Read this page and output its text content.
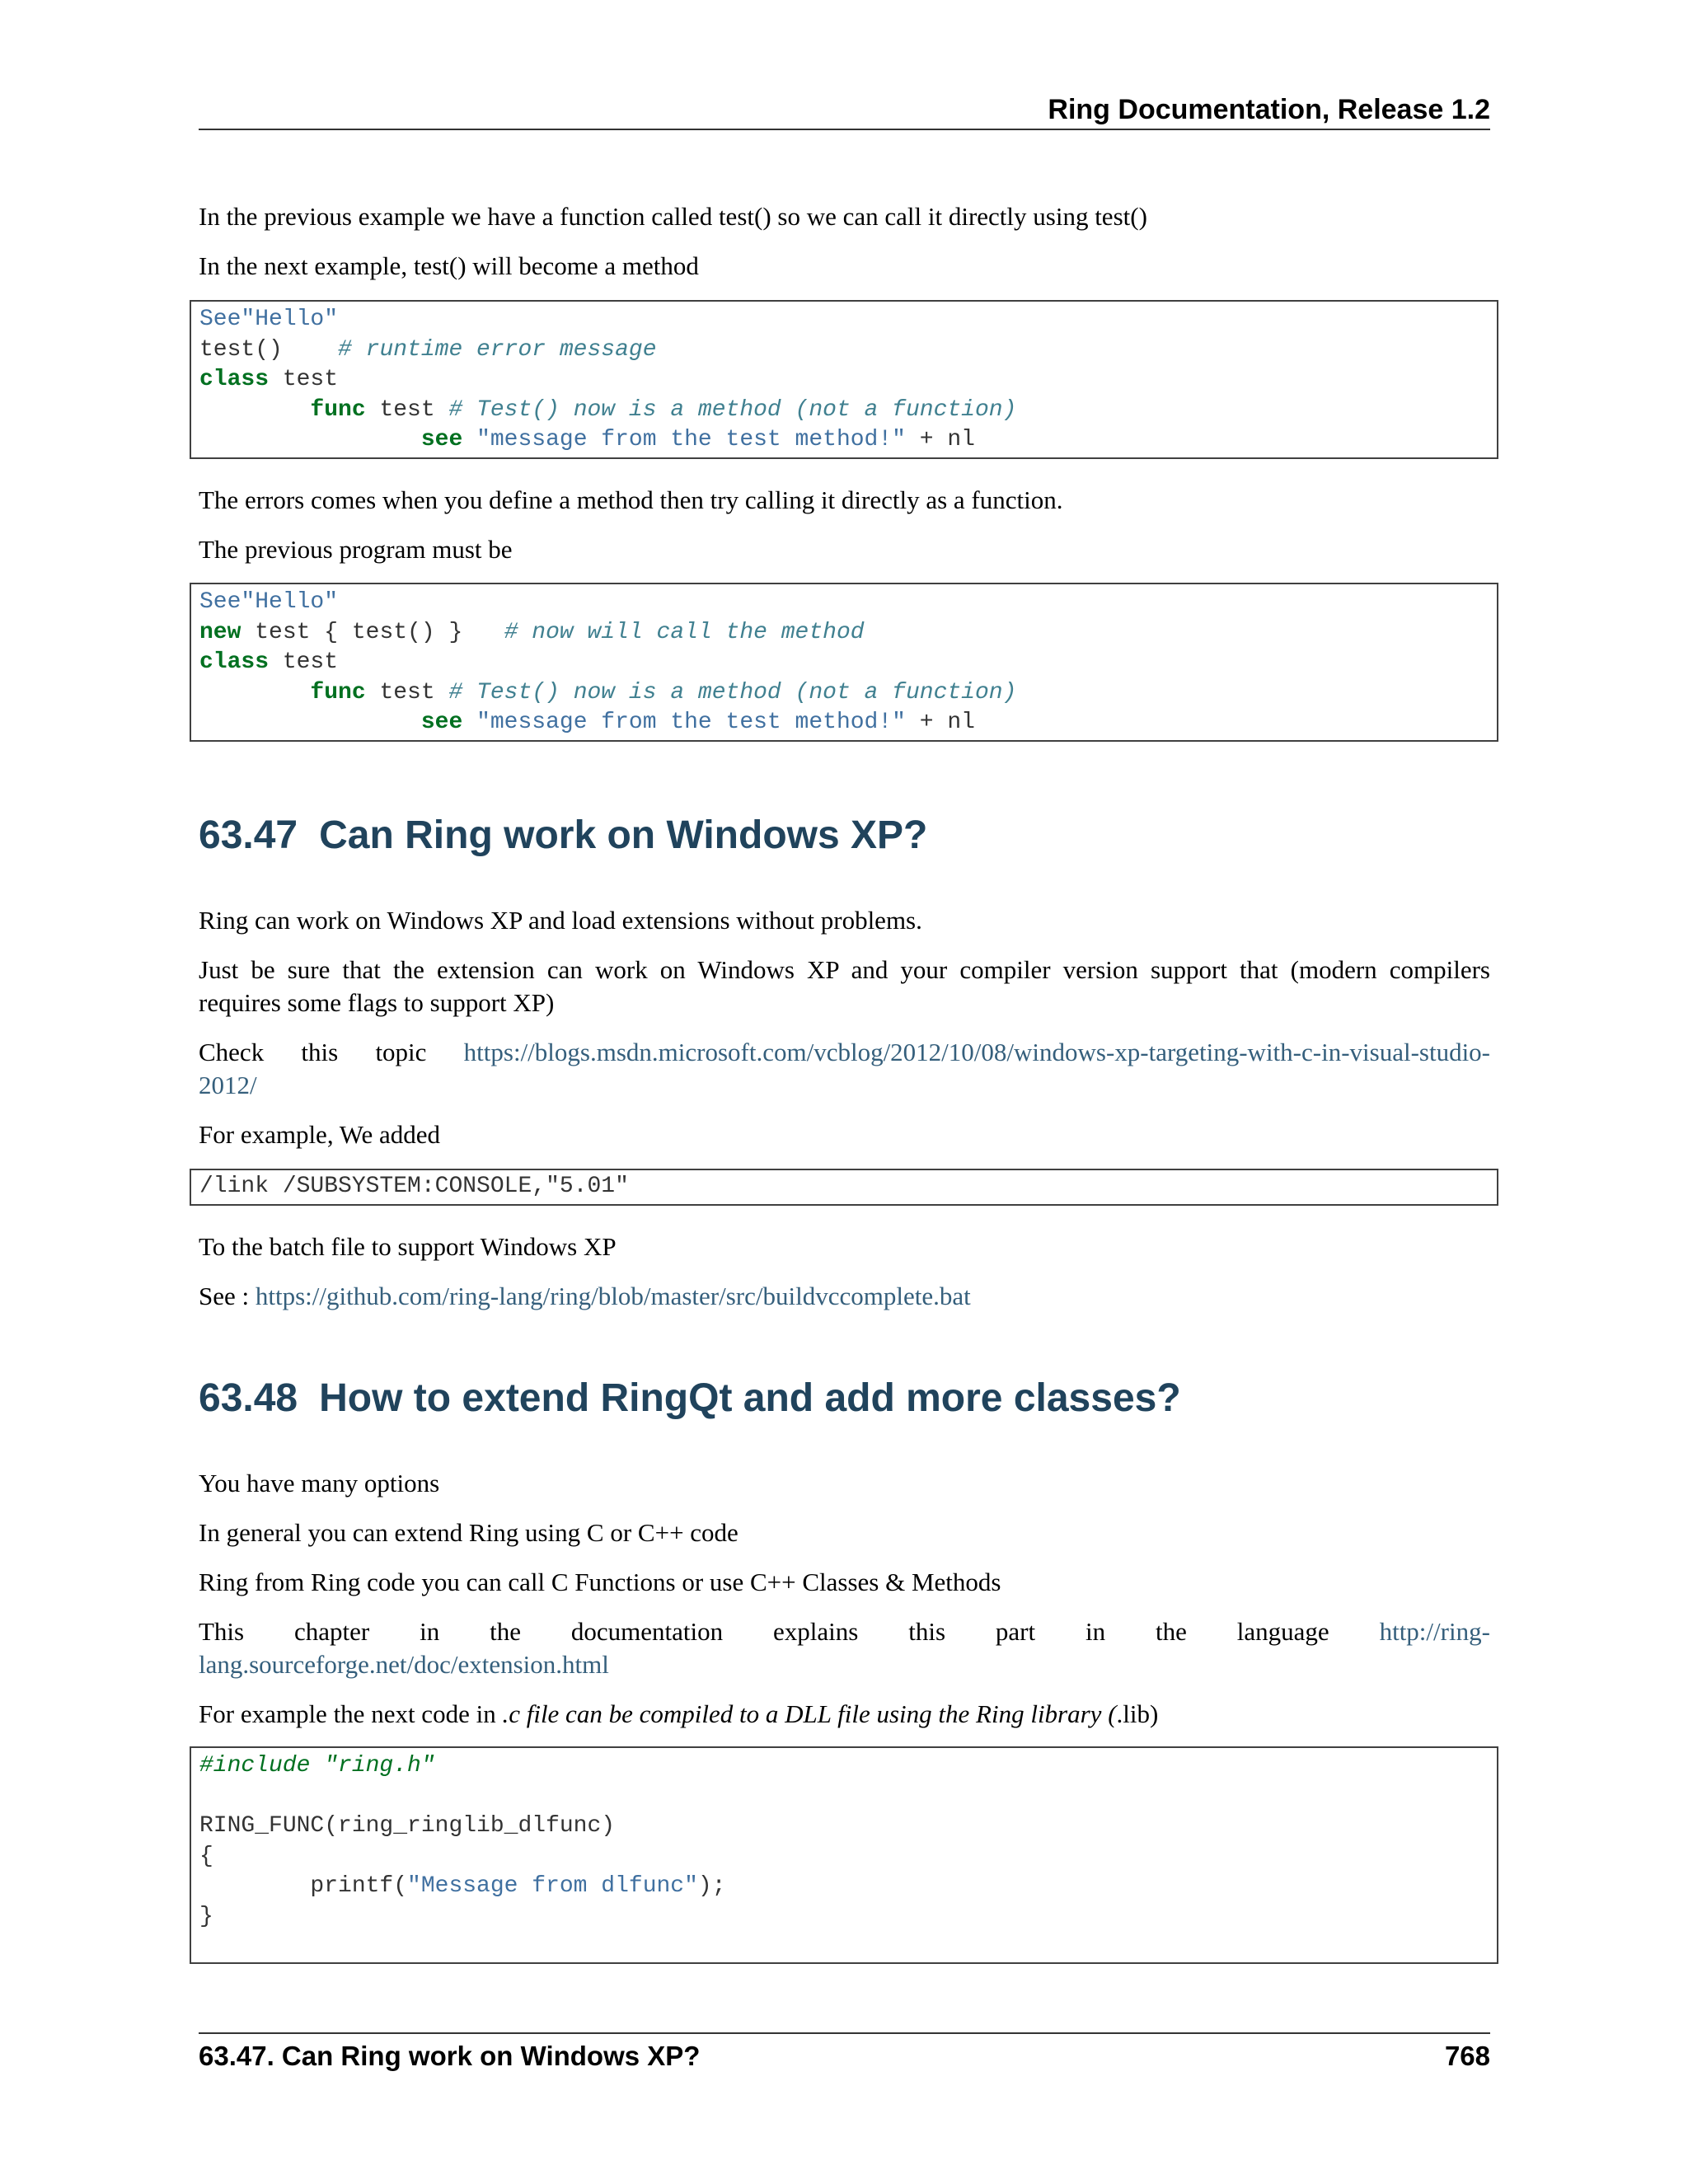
Ring Documentation, Release 1.2

In the previous example we have a function called test() so we can call it directly using test()

In the next example, test() will become a method

See"Hello"
test()    # runtime error message
class test
func test # Test() now is a method (not a function)
see "message from the test method!" + nl

The errors comes when you define a method then try calling it directly as a function.

The previous program must be

See"Hello"
new test { test() }   # now will call the method
class test
func test # Test() now is a method (not a function)
see "message from the test method!" + nl
63.47 Can Ring work on Windows XP?

Ring can work on Windows XP and load extensions without problems.

Just be sure that the extension can work on Windows XP and your compiler version support that (modern compilers

requires some flags to support XP)

Check this topic https://blogs.msdn.microsoft.com/vcblog/2012/10/08/windows-xp-targeting-with-c-in-visual-studio-

2012/

For example, We added

/link /SUBSYSTEM:CONSOLE,"5.01"

To the batch file to support Windows XP

See : https://github.com/ring-lang/ring/blob/master/src/buildvccomplete.bat

63.48 How to extend RingQt and add more classes?

You have many options

In general you can extend Ring using C or C++ code

Ring from Ring code you can call C Functions or use C++ Classes & Methods

This chapter in the documentation explains this part in the language http://ring-

lang.sourceforge.net/doc/extension.html

For example the next code in .c file can be compiled to a DLL file using the Ring library (.lib)

#include "ring.h"
RING_FUNC(ring_ringlib_dlfunc)
{
printf("Message from dlfunc");
}
63.47. Can Ring work on Windows XP?	768
